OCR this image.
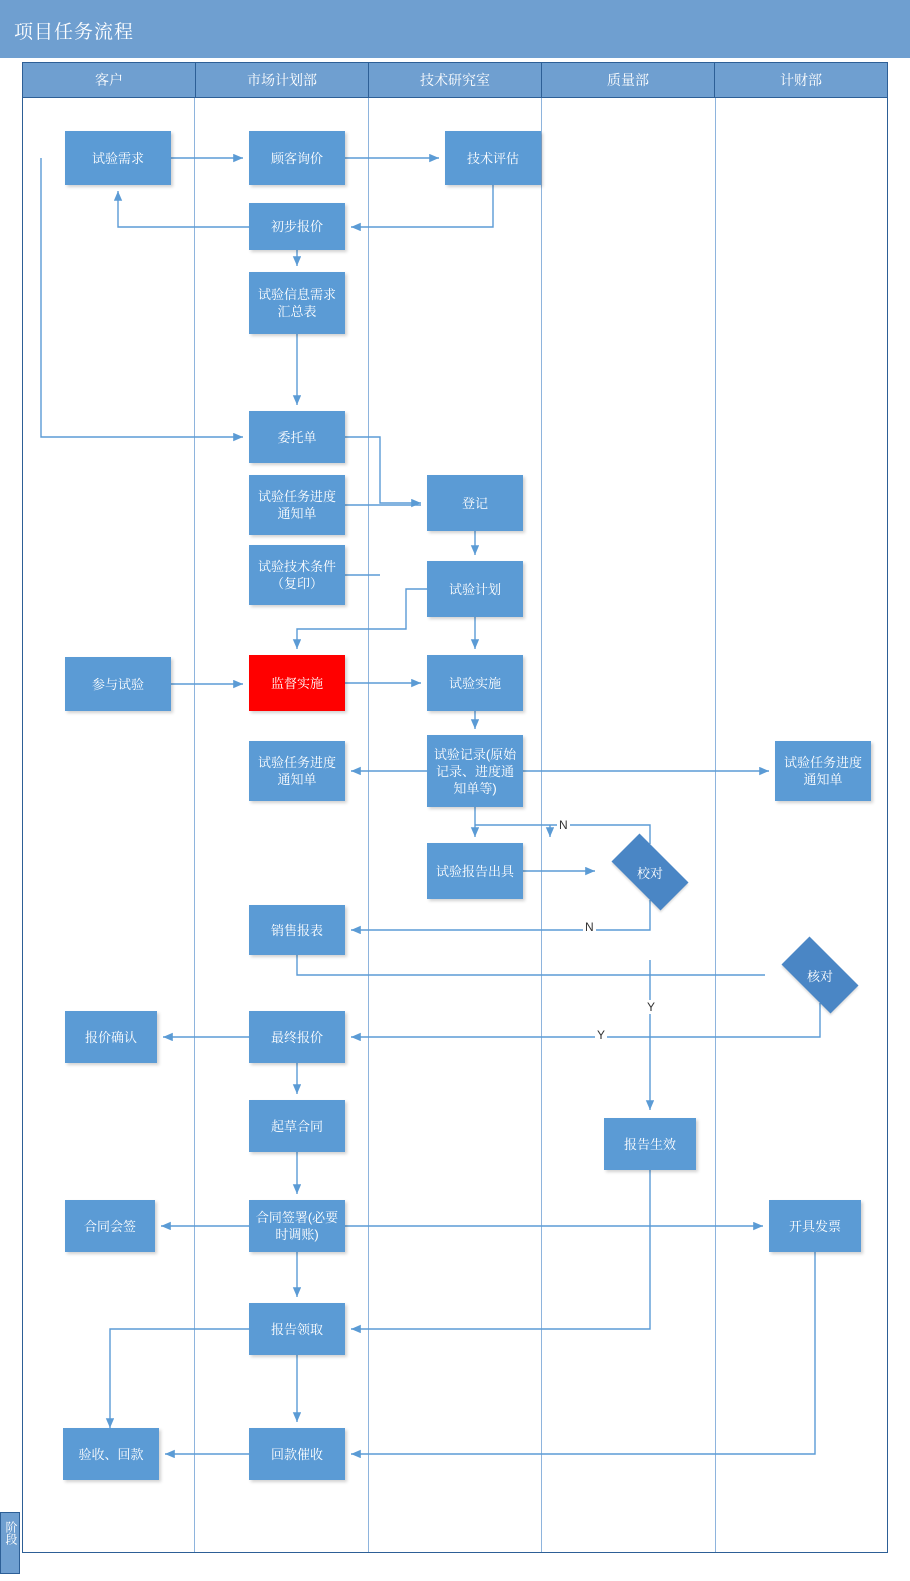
项目任务流程
客户	市场计划部	技术研究室	质量部	计财部
试验需求	顾客询价	技术评估
初步报价
试验信息需求汇总表
委托单
试验任务进度通知单
试验技术条件（复印）
登记
试验计划
参与试验	监督实施	试验实施
试验记录(原始记录、进度通知单等)
试验任务进度通知单
试验任务进度通知单
试验报告出具
销售报表
报价确认	最终报价
起草合同
报告生效
合同会签
合同签署(必要时调账)
开具发票
报告领取
验收、回款	回款催收
校对
核对
N
N
Y
Y
阶段
